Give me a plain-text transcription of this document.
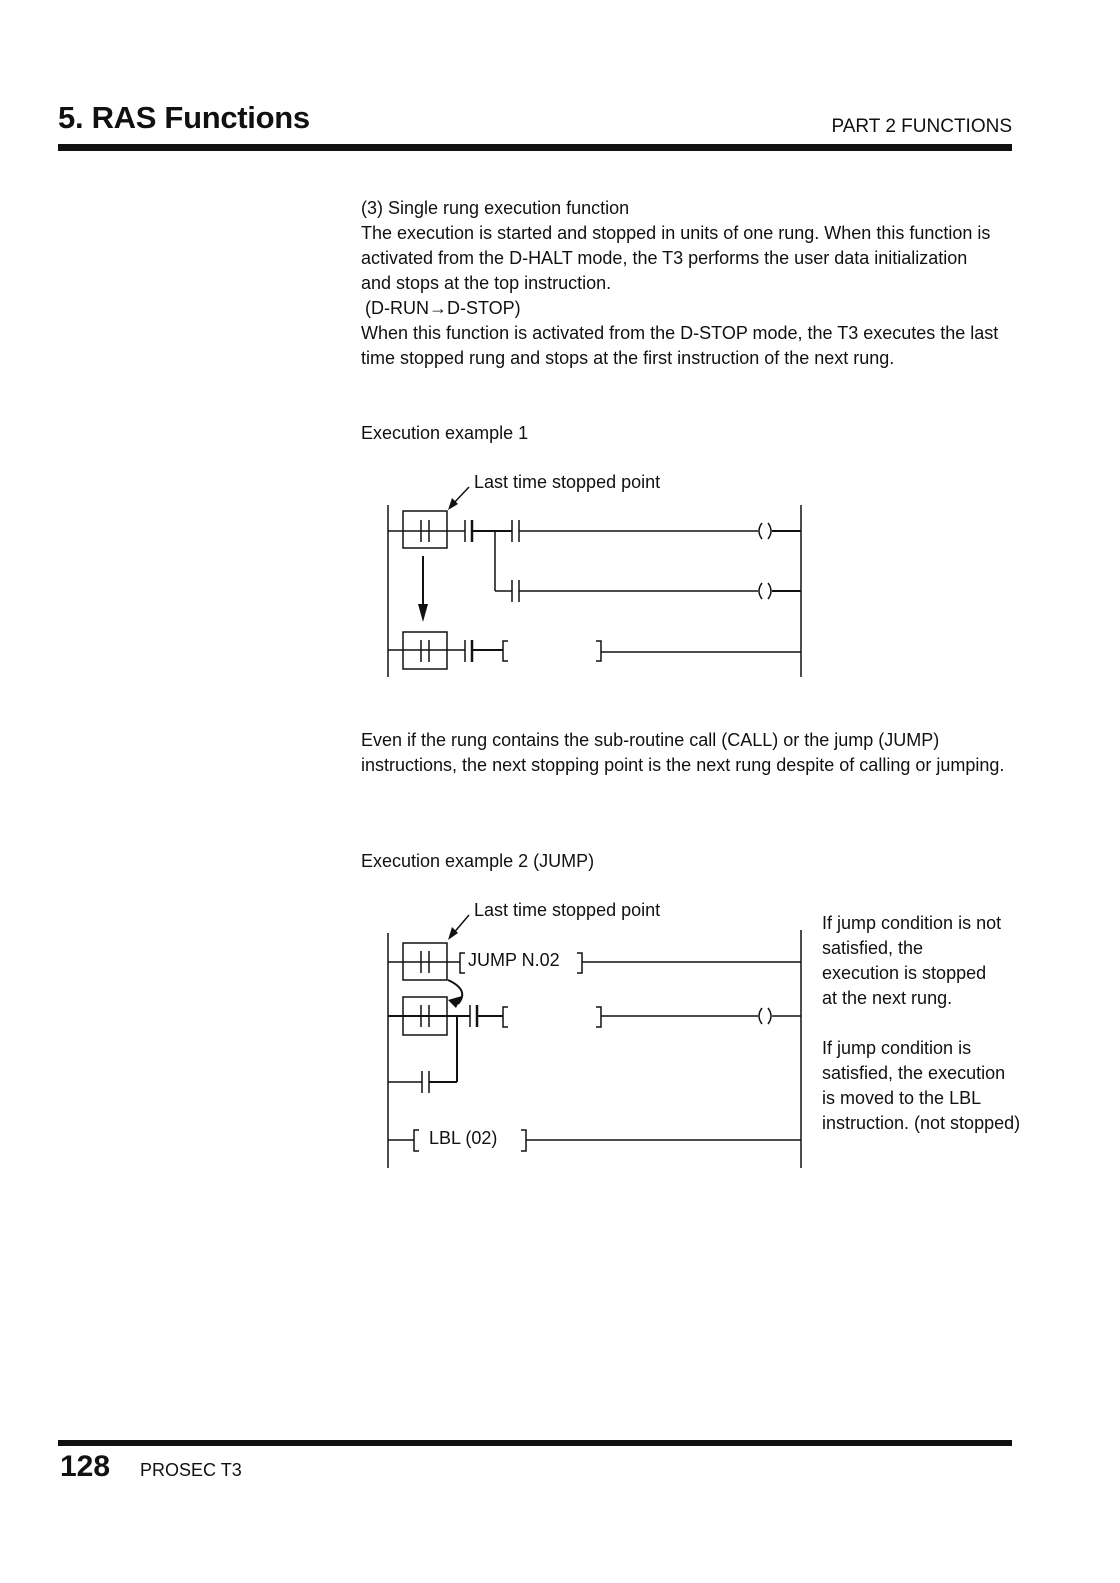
5. RAS Functions	PART 2 FUNCTIONS

(3) Single rung execution function

The execution is started and stopped in units of one rung. When this function is activated from the D-HALT mode, the T3 performs the user data initialization and stops at the top instruction.

(D-RUN→D-STOP)

When this function is activated from the D-STOP mode, the T3 executes the last time stopped rung and stops at the first instruction of the next rung.

Execution example 1
Last time stopped point
Even if the rung contains the sub-routine call (CALL) or the jump (JUMP) instructions, the next stopping point is the next rung despite of calling or jumping.
Execution example 2 (JUMP)
Last time stopped point
JUMP N.02
LBL (02)

If jump condition is not satisfied, the execution is stopped at the next rung.

If jump condition is satisfied, the execution is moved to the LBL instruction. (not stopped)

128 PROSEC T3
